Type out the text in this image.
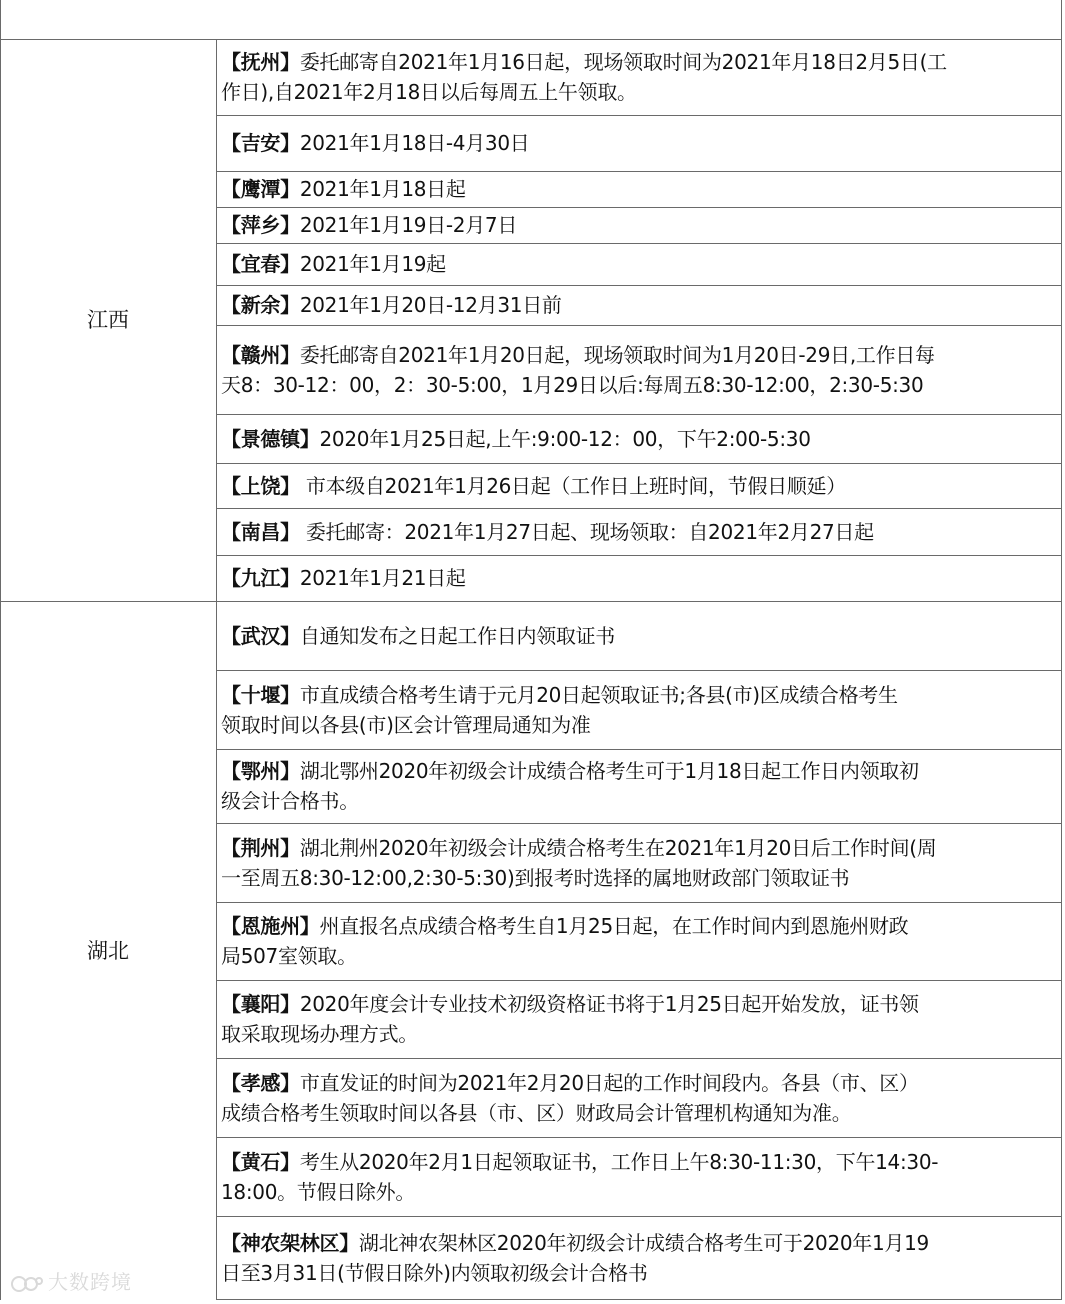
江西
【抚州】委托邮寄自2021年1月16日起，现场领取时间为2021年月18日2月5日(工
作日),自2021年2月18日以后每周五上午领取。
【吉安】2021年1月18日-4月30日
【鹰潭】2021年1月18日起
【萍乡】2021年1月19日-2月7日
【宜春】2021年1月19起
【新余】2021年1月20日-12月31日前
【赣州】委托邮寄自2021年1月20日起，现场领取时间为1月20日-29日,工作日每
天8：30-12：00，2：30-5:00，1月29日以后:每周五8:30-12:00，2:30-5:30
【景德镇】2020年1月25日起,上午:9:00-12：00，下午2:00-5:30
【上饶】 市本级自2021年1月26日起（工作日上班时间，节假日顺延）
【南昌】 委托邮寄：2021年1月27日起、现场领取：自2021年2月27日起
【九江】2021年1月21日起
湖北
【武汉】自通知发布之日起工作日内领取证书
【十堰】市直成绩合格考生请于元月20日起领取证书;各县(市)区成绩合格考生
领取时间以各县(市)区会计管理局通知为准
【鄂州】湖北鄂州2020年初级会计成绩合格考生可于1月18日起工作日内领取初
级会计合格书。
【荆州】湖北荆州2020年初级会计成绩合格考生在2021年1月20日后工作时间(周
一至周五8:30-12:00,2:30-5:30)到报考时选择的属地财政部门领取证书
【恩施州】州直报名点成绩合格考生自1月25日起，在工作时间内到恩施州财政
局507室领取。
【襄阳】2020年度会计专业技术初级资格证书将于1月25日起开始发放，证书领
取采取现场办理方式。
【孝感】市直发证的时间为2021年2月20日起的工作时间段内。各县（市、区）
成绩合格考生领取时间以各县（市、区）财政局会计管理机构通知为准。
【黄石】考生从2020年2月1日起领取证书，工作日上午8:30-11:30，下午14:30-
18:00。节假日除外。
【神农架林区】湖北神农架林区2020年初级会计成绩合格考生可于2020年1月19
日至3月31日(节假日除外)内领取初级会计合格书
大数跨境
